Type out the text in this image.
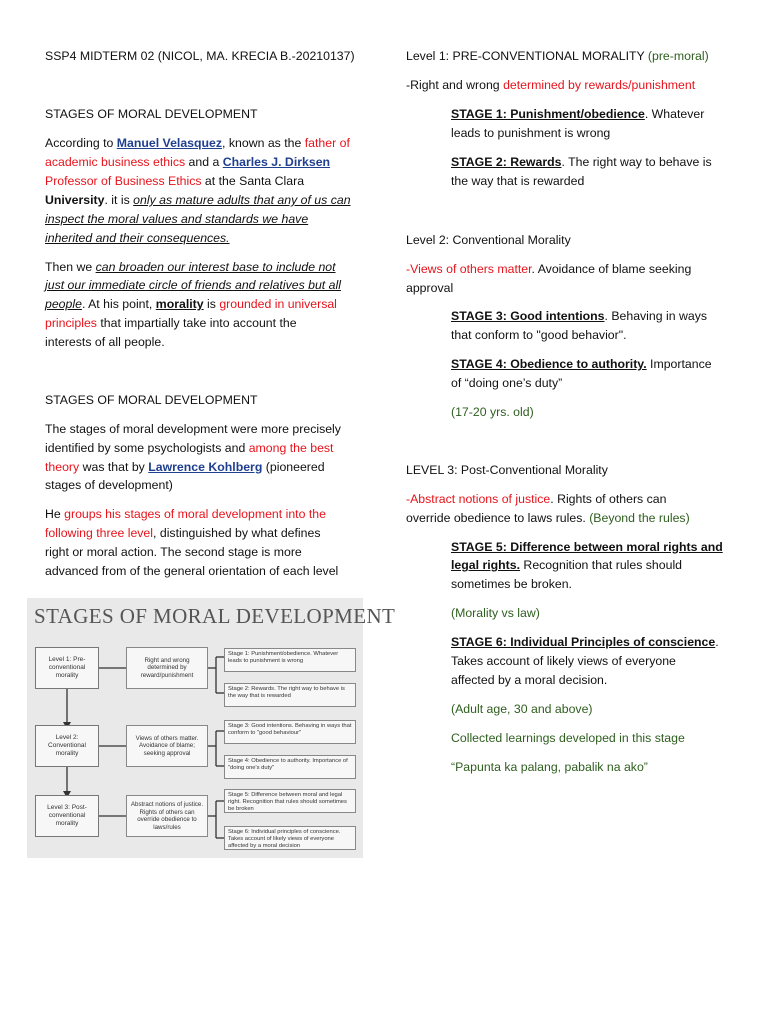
SSP4 MIDTERM 02 (NICOL, MA. KRECIA B.-20210137)
STAGES OF MORAL DEVELOPMENT
According to Manuel Velasquez, known as the father of
academic business ethics and a Charles J. Dirksen
Professor of Business Ethics at the Santa Clara
University. it is only as mature adults that any of us can
inspect the moral values and standards we have
inherited and their consequences.
Then we can broaden our interest base to include not
just our immediate circle of friends and relatives but all
people. At his point, morality is grounded in universal
principles that impartially take into account the
interests of all people.
STAGES OF MORAL DEVELOPMENT
The stages of moral development were more precisely
identified by some psychologists and among the best
theory was that by Lawrence Kohlberg (pioneered
stages of development)
He groups his stages of moral development into the
following three level, distinguished by what defines
right or moral action. The second stage is more
advanced from of the general orientation of each level
STAGES OF MORAL DEVELOPMENT
Level 1: Pre-conventional morality
Level 2: Conventional morality
Level 3: Post-conventional morality
Right and wrong determined by reward/punishment
Views of others matter. Avoidance of blame; seeking approval
Abstract notions of justice. Rights of others can override obedience to laws/rules
Stage 1: Punishment/obedience. Whatever leads to punishment is wrong
Stage 2: Rewards. The right way to behave is the way that is rewarded
Stage 3: Good intentions. Behaving in ways that conform to "good behaviour"
Stage 4: Obedience to authority. Importance of "doing one's duty"
Stage 5: Difference between moral and legal right. Recognition that rules should sometimes be broken
Stage 6: Individual principles of conscience. Takes account of likely views of everyone affected by a moral decision
Level 1: PRE-CONVENTIONAL MORALITY (pre-moral)
-Right and wrong determined by rewards/punishment
STAGE 1: Punishment/obedience. Whatever
leads to punishment is wrong
STAGE 2: Rewards. The right way to behave is
the way that is rewarded
Level 2: Conventional Morality
-Views of others matter. Avoidance of blame seeking
approval
STAGE 3: Good intentions. Behaving in ways
that conform to "good behavior".
STAGE 4: Obedience to authority. Importance
of “doing one’s duty”
(17-20 yrs. old)
LEVEL 3: Post-Conventional Morality
-Abstract notions of justice. Rights of others can
override obedience to laws rules. (Beyond the rules)
STAGE 5: Difference between moral rights and
legal rights. Recognition that rules should
sometimes be broken.
(Morality vs law)
STAGE 6: Individual Principles of conscience.
Takes account of likely views of everyone
affected by a moral decision.
(Adult age, 30 and above)
Collected learnings developed in this stage
“Papunta ka palang, pabalik na ako”
